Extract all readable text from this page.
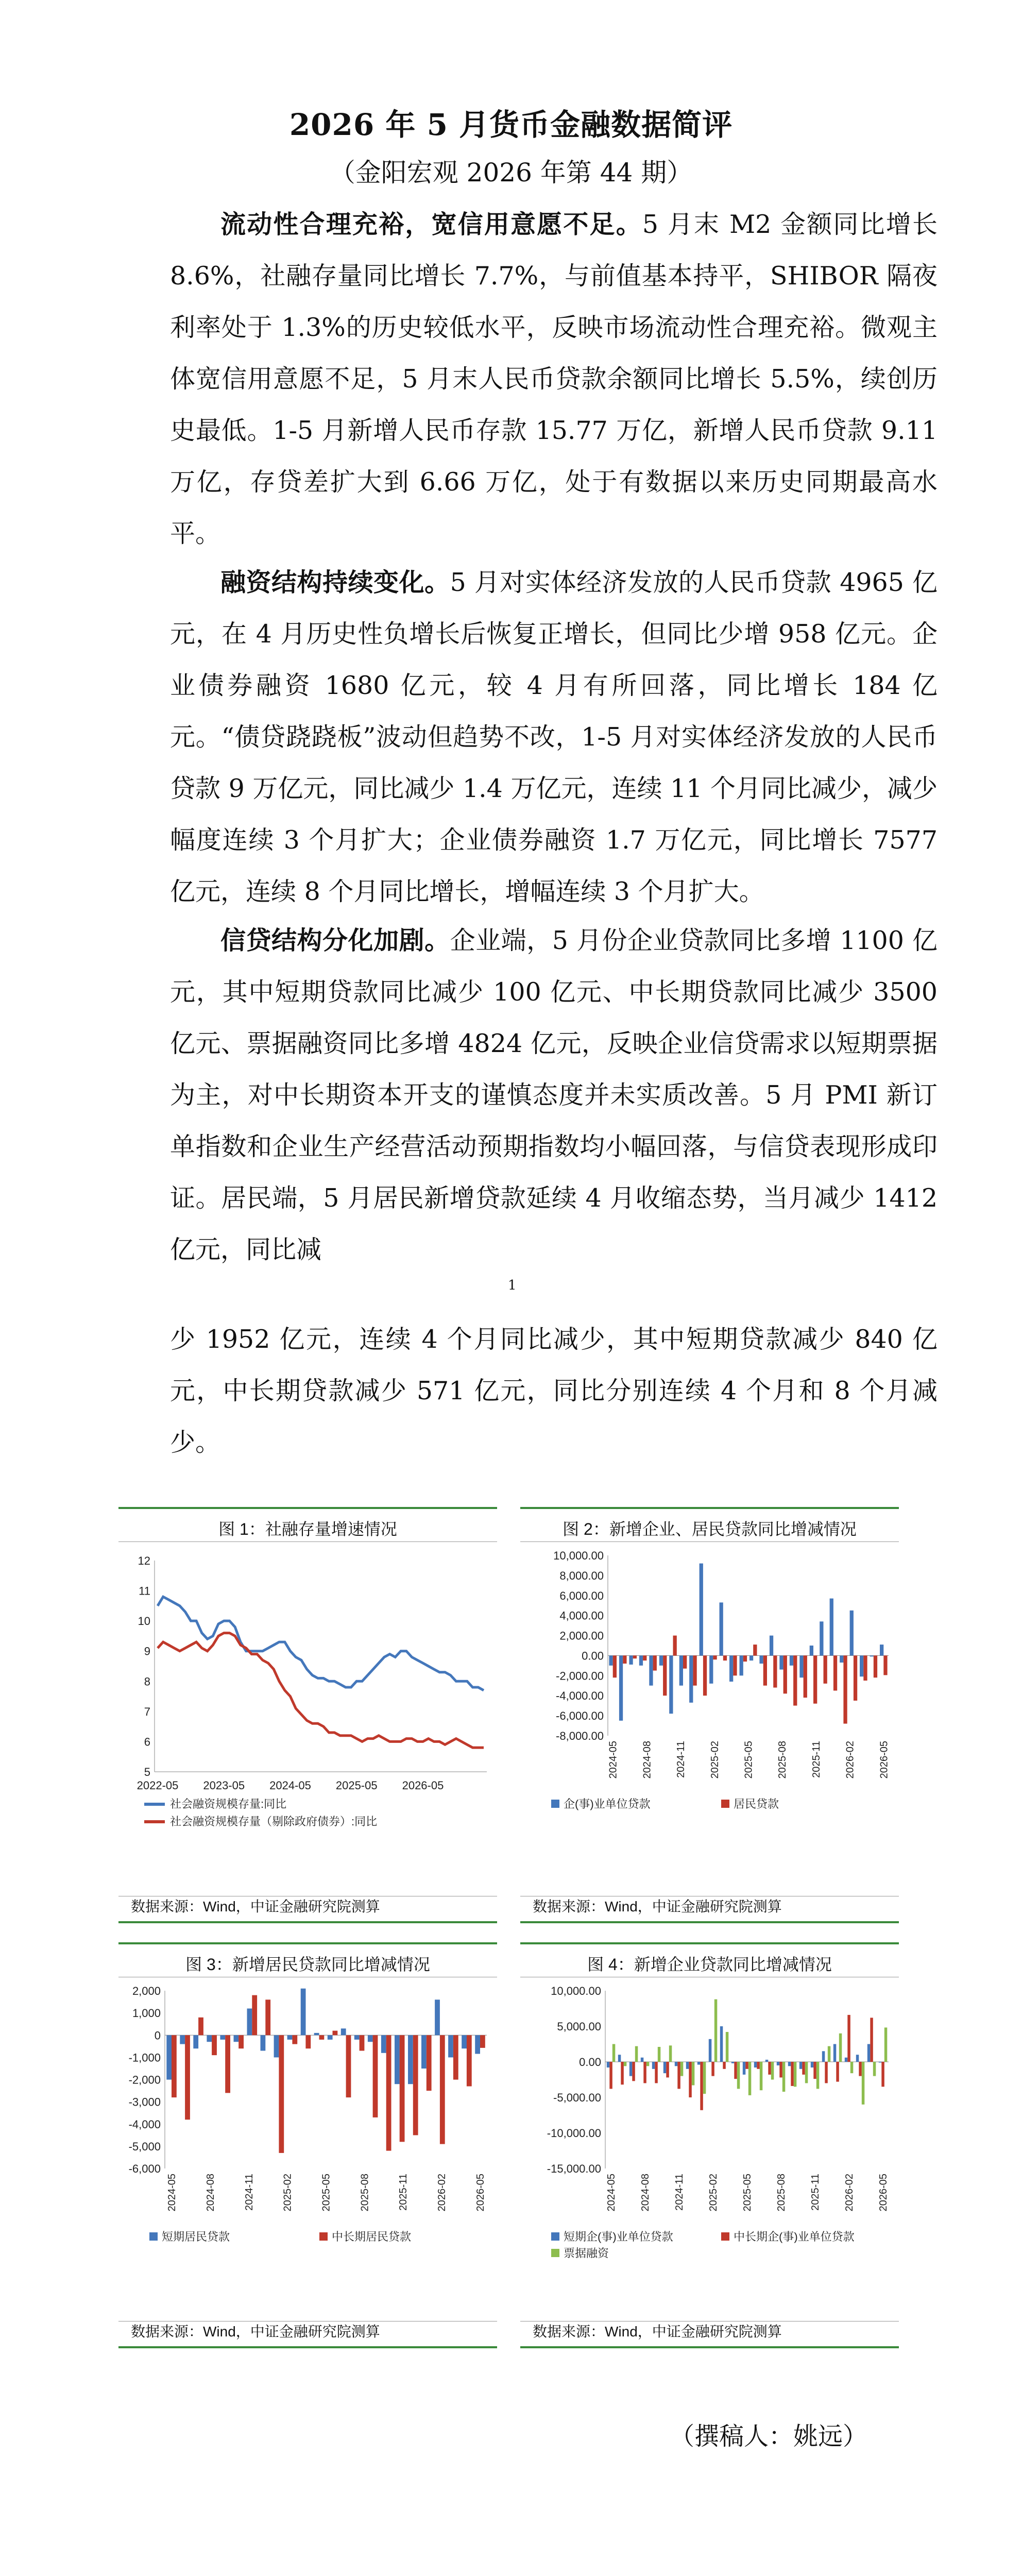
2026 年 5 月货币金融数据简评
（金阳宏观 2026 年第 44 期）
流动性合理充裕，宽信用意愿不足。5 月末 M2 金额同比增长 8.6%，社融存量同比增长 7.7%，与前值基本持平，SHIBOR 隔夜利率处于 1.3%的历史较低水平，反映市场流动性合理充裕。微观主体宽信用意愿不足，5 月末人民币贷款余额同比增长 5.5%，续创历史最低。1-5 月新增人民币存款 15.77 万亿，新增人民币贷款 9.11 万亿，存贷差扩大到 6.66 万亿，处于有数据以来历史同期最高水平。
融资结构持续变化。5 月对实体经济发放的人民币贷款 4965 亿元，在 4 月历史性负增长后恢复正增长，但同比少增 958 亿元。企业债券融资 1680 亿元，较 4 月有所回落，同比增长 184 亿元。“债贷跷跷板”波动但趋势不改，1-5 月对实体经济发放的人民币贷款 9 万亿元，同比减少 1.4 万亿元，连续 11 个月同比减少，减少幅度连续 3 个月扩大；企业债券融资 1.7 万亿元，同比增长 7577 亿元，连续 8 个月同比增长，增幅连续 3 个月扩大。
信贷结构分化加剧。企业端，5 月份企业贷款同比多增 1100 亿元，其中短期贷款同比减少 100 亿元、中长期贷款同比减少 3500 亿元、票据融资同比多增 4824 亿元，反映企业信贷需求以短期票据为主，对中长期资本开支的谨慎态度并未实质改善。5 月 PMI 新订单指数和企业生产经营活动预期指数均小幅回落，与信贷表现形成印证。居民端，5 月居民新增贷款延续 4 月收缩态势，当月减少 1412 亿元，同比减
1
少 1952 亿元，连续 4 个月同比减少，其中短期贷款减少 840 亿元，中长期贷款减少 571 亿元，同比分别连续 4 个月和 8 个月减少。
图 1：社融存量增速情况
12
11
10
9
8
7
6
5
2022-05 2023-05 2024-05 2025-05 2026-05
社会融资规模存量:同比
社会融资规模存量（剔除政府债券）:同比
数据来源：Wind，中证金融研究院测算
图 2：新增企业、居民贷款同比增减情况
10,000.00
8,000.00
6,000.00
4,000.00
2,000.00
0.00
-2,000.00
-4,000.00
-6,000.00
-8,000.00
2024-05 2024-08 2024-11 2025-02 2025-05 2025-08 2025-11 2026-02 2026-05
企(事)业单位贷款	居民贷款
数据来源：Wind，中证金融研究院测算
图 3：新增居民贷款同比增减情况
2,000
1,000
0
-1,000
-2,000
-3,000
-4,000
-5,000
-6,000
2024-05	2024-08	2024-11	2025-02	2025-05	2025-08	2025-11	2026-02	2026-05
短期居民贷款	中长期居民贷款
数据来源：Wind，中证金融研究院测算
图 4：新增企业贷款同比增减情况
10,000.00
5,000.00
0.00
-5,000.00
-10,000.00
-15,000.00
2024-05 2024-08 2024-11 2025-02 2025-05 2025-08 2025-11 2026-02 2026-05
短期企(事)业单位贷款	中长期企(事)业单位贷款
票据融资
数据来源：Wind，中证金融研究院测算
（撰稿人：姚远）
